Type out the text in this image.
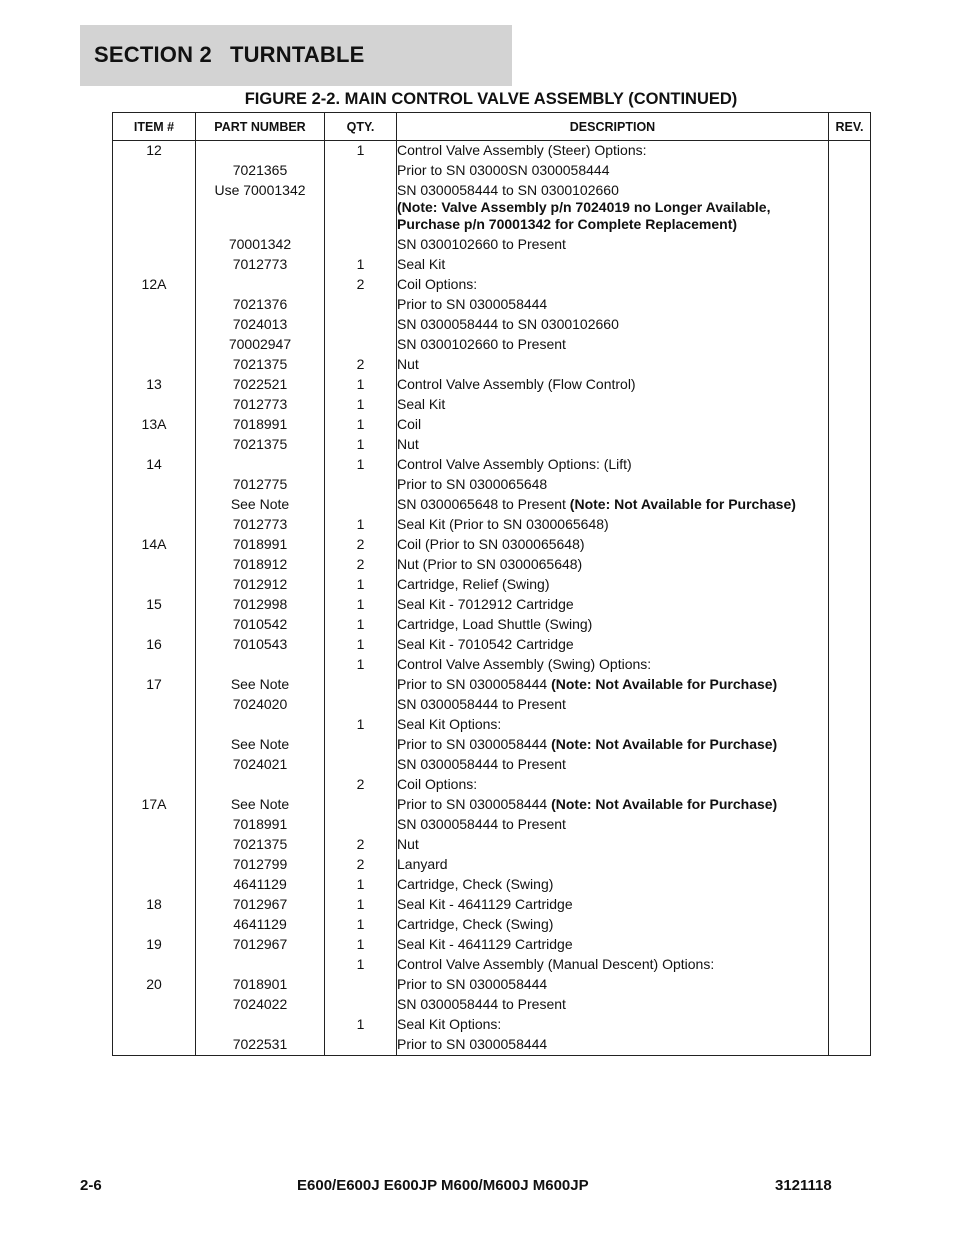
SECTION 2 TURNTABLE
FIGURE 2-2. MAIN CONTROL VALVE ASSEMBLY (CONTINUED)
ITEM #	PART NUMBER	QTY.	DESCRIPTION	REV.
12		1	Control Valve Assembly (Steer) Options:	
	7021365		Prior to SN 03000SN 0300058444	
	Use 70001342		SN 0300058444 to SN 0300102660
(Note: Valve Assembly p/n 7024019 no Longer Available, Purchase p/n 70001342 for Complete Replacement)	
	70001342		SN 0300102660 to Present	
	7012773	1	Seal Kit	
12A		2	Coil Options:	
	7021376		Prior to SN 0300058444	
	7024013		SN 0300058444 to SN 0300102660	
	70002947		SN 0300102660 to Present	
	7021375	2	Nut	
13	7022521	1	Control Valve Assembly (Flow Control)	
	7012773	1	Seal Kit	
13A	7018991	1	Coil	
	7021375	1	Nut	
14		1	Control Valve Assembly Options: (Lift)	
	7012775		Prior to SN 0300065648	
	See Note		SN 0300065648 to Present (Note: Not Available for Purchase)	
	7012773	1	Seal Kit (Prior to SN 0300065648)	
14A	7018991	2	Coil (Prior to SN 0300065648)	
	7018912	2	Nut (Prior to SN 0300065648)	
	7012912	1	Cartridge, Relief (Swing)	
15	7012998	1	Seal Kit - 7012912 Cartridge	
	7010542	1	Cartridge, Load Shuttle (Swing)	
16	7010543	1	Seal Kit - 7010542 Cartridge	
		1	Control Valve Assembly (Swing) Options:	
17	See Note		Prior to SN 0300058444 (Note: Not Available for Purchase)	
	7024020		SN 0300058444 to Present	
		1	Seal Kit Options:	
	See Note		Prior to SN 0300058444 (Note: Not Available for Purchase)	
	7024021		SN 0300058444 to Present	
		2	Coil Options:	
17A	See Note		Prior to SN 0300058444 (Note: Not Available for Purchase)	
	7018991		SN 0300058444 to Present	
	7021375	2	Nut	
	7012799	2	Lanyard	
	4641129	1	Cartridge, Check (Swing)	
18	7012967	1	Seal Kit - 4641129 Cartridge	
	4641129	1	Cartridge, Check (Swing)	
19	7012967	1	Seal Kit - 4641129 Cartridge	
		1	Control Valve Assembly (Manual Descent) Options:	
20	7018901		Prior to SN 0300058444	
	7024022		SN 0300058444 to Present	
		1	Seal Kit Options:	
	7022531		Prior to SN 0300058444	
2-6	E600/E600J E600JP M600/M600J M600JP	3121118
